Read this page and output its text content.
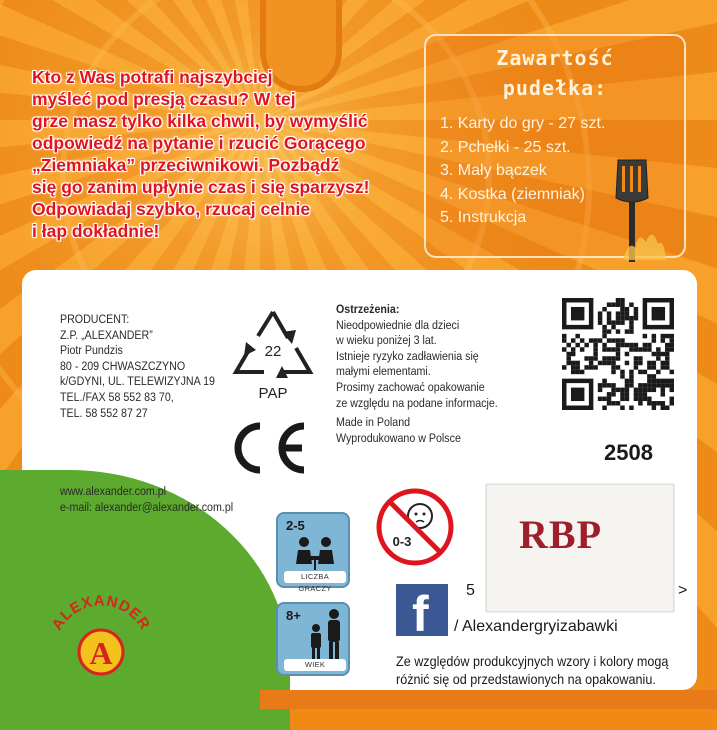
Kto z Was potrafi najszybciej
myśleć pod presją czasu? W tej
grze masz tylko kilka chwil, by wymyślić
odpowiedź na pytanie i rzucić Gorącego
„Ziemniaka” przeciwnikowi. Pozbądź
się go zanim upłynie czas i się sparzysz!
Odpowiadaj szybko, rzucaj celnie
i łap dokładnie!
Zawartość
pudełka:
1. Karty do gry - 27 szt.
2. Pchełki - 25 szt.
3. Mały bączek
4. Kostka (ziemniak)
5. Instrukcja
ALEXANDER
A
PRODUCENT:
Z.P. „ALEXANDER”
Piotr Pundzis
80 - 209 CHWASZCZYNO
k/GDYNI, UL. TELEWIZYJNA 19
TEL./FAX 58 552 83 70,
TEL. 58 552 87 27
www.alexander.com.pl
e-mail: alexander@alexander.com.pl
22
PAP
Ostrzeżenia:
Nieodpowiednie dla dzieci
w wieku poniżej 3 lat.
Istnieje ryzyko zadławienia się
małymi elementami.
Prosimy zachować opakowanie
ze względu na podane informacje.
Made in Poland
Wyprodukowano w Polsce
2508
0-3	RBP
5	>
2-5
LICZBA GRACZY
8+
WIEK
f / Alexandergryizabawki
Ze względów produkcyjnych wzory i kolory mogą
różnić się od przedstawionych na opakowaniu.
